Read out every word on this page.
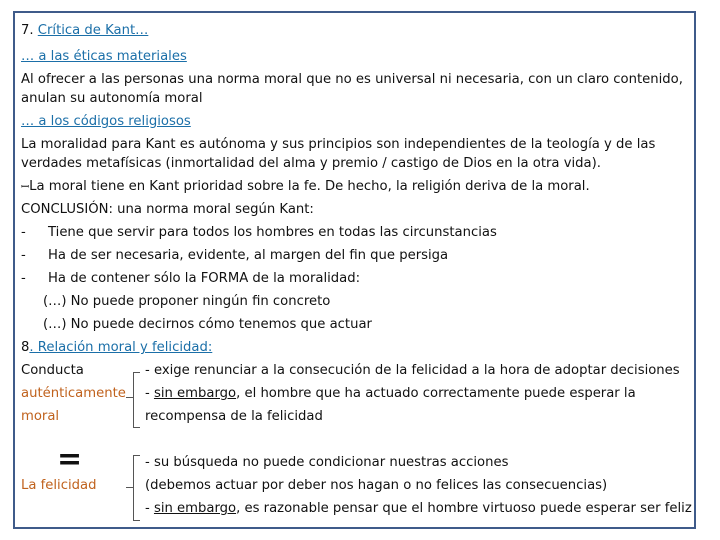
7. Crítica de Kant…
… a las éticas materiales
Al ofrecer a las personas una norma moral que no es universal ni necesaria, con un claro contenido,
anulan su autonomía moral
… a los códigos religiosos
La moralidad para Kant es autónoma y sus principios son independientes de la teología y de las
verdades metafísicas (inmortalidad del alma y premio / castigo de Dios en la otra vida).
ꟷLa moral tiene en Kant prioridad sobre la fe. De hecho, la religión deriva de la moral.
CONCLUSIÓN: una norma moral según Kant:
- Tiene que servir para todos los hombres en todas las circunstancias
- Ha de ser necesaria, evidente, al margen del fin que persiga
- Ha de contener sólo la FORMA de la moralidad:
(…) No puede proponer ningún fin concreto
(…) No puede decirnos cómo tenemos que actuar
8. Relación moral y felicidad:
Conducta
auténticamente
moral
=
La felicidad
- exige renunciar a la consecución de la felicidad a la hora de adoptar decisiones
- sin embargo, el hombre que ha actuado correctamente puede esperar la
recompensa de la felicidad
- su búsqueda no puede condicionar nuestras acciones
(debemos actuar por deber nos hagan o no felices las consecuencias)
- sin embargo, es razonable pensar que el hombre virtuoso puede esperar ser feliz
